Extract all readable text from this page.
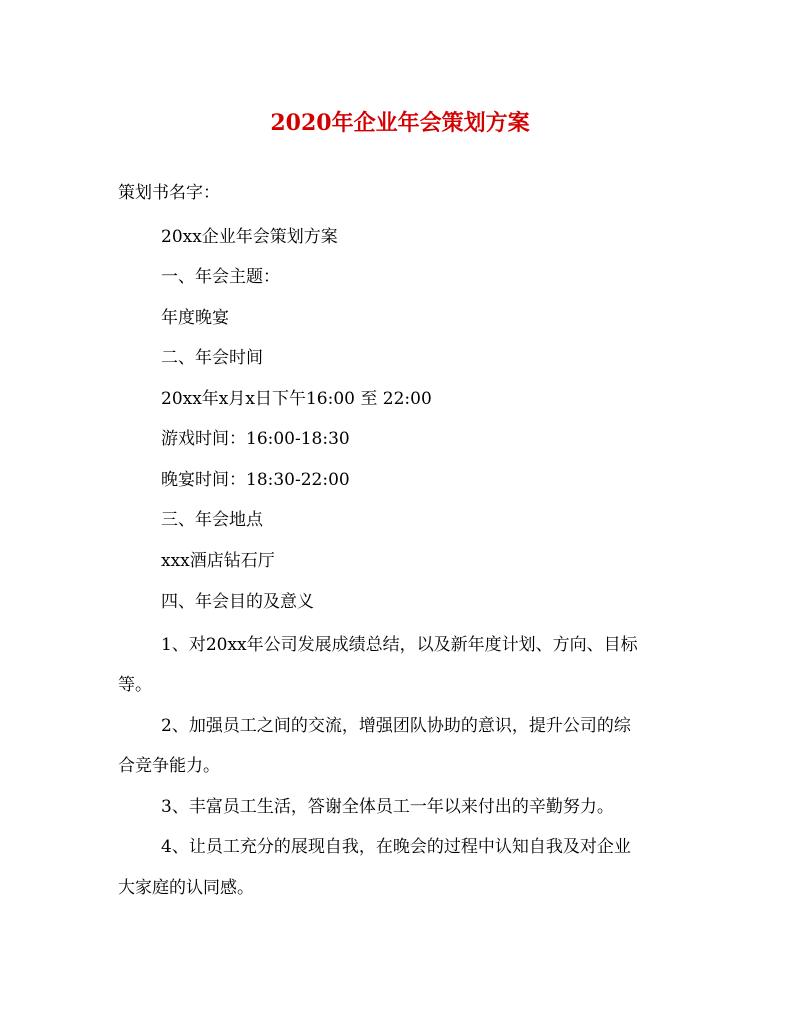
2020年企业年会策划方案
策划书名字：
20xx企业年会策划方案
一、年会主题：
年度晚宴
二、年会时间
20xx年x月x日下午16:00 至 22:00
游戏时间：16:00-18:30
晚宴时间：18:30-22:00
三、年会地点
xxx酒店钻石厅
四、年会目的及意义
1、对20xx年公司发展成绩总结，以及新年度计划、方向、目标
等。
2、加强员工之间的交流，增强团队协助的意识，提升公司的综
合竞争能力。
3、丰富员工生活，答谢全体员工一年以来付出的辛勤努力。
4、让员工充分的展现自我，在晚会的过程中认知自我及对企业
大家庭的认同感。
